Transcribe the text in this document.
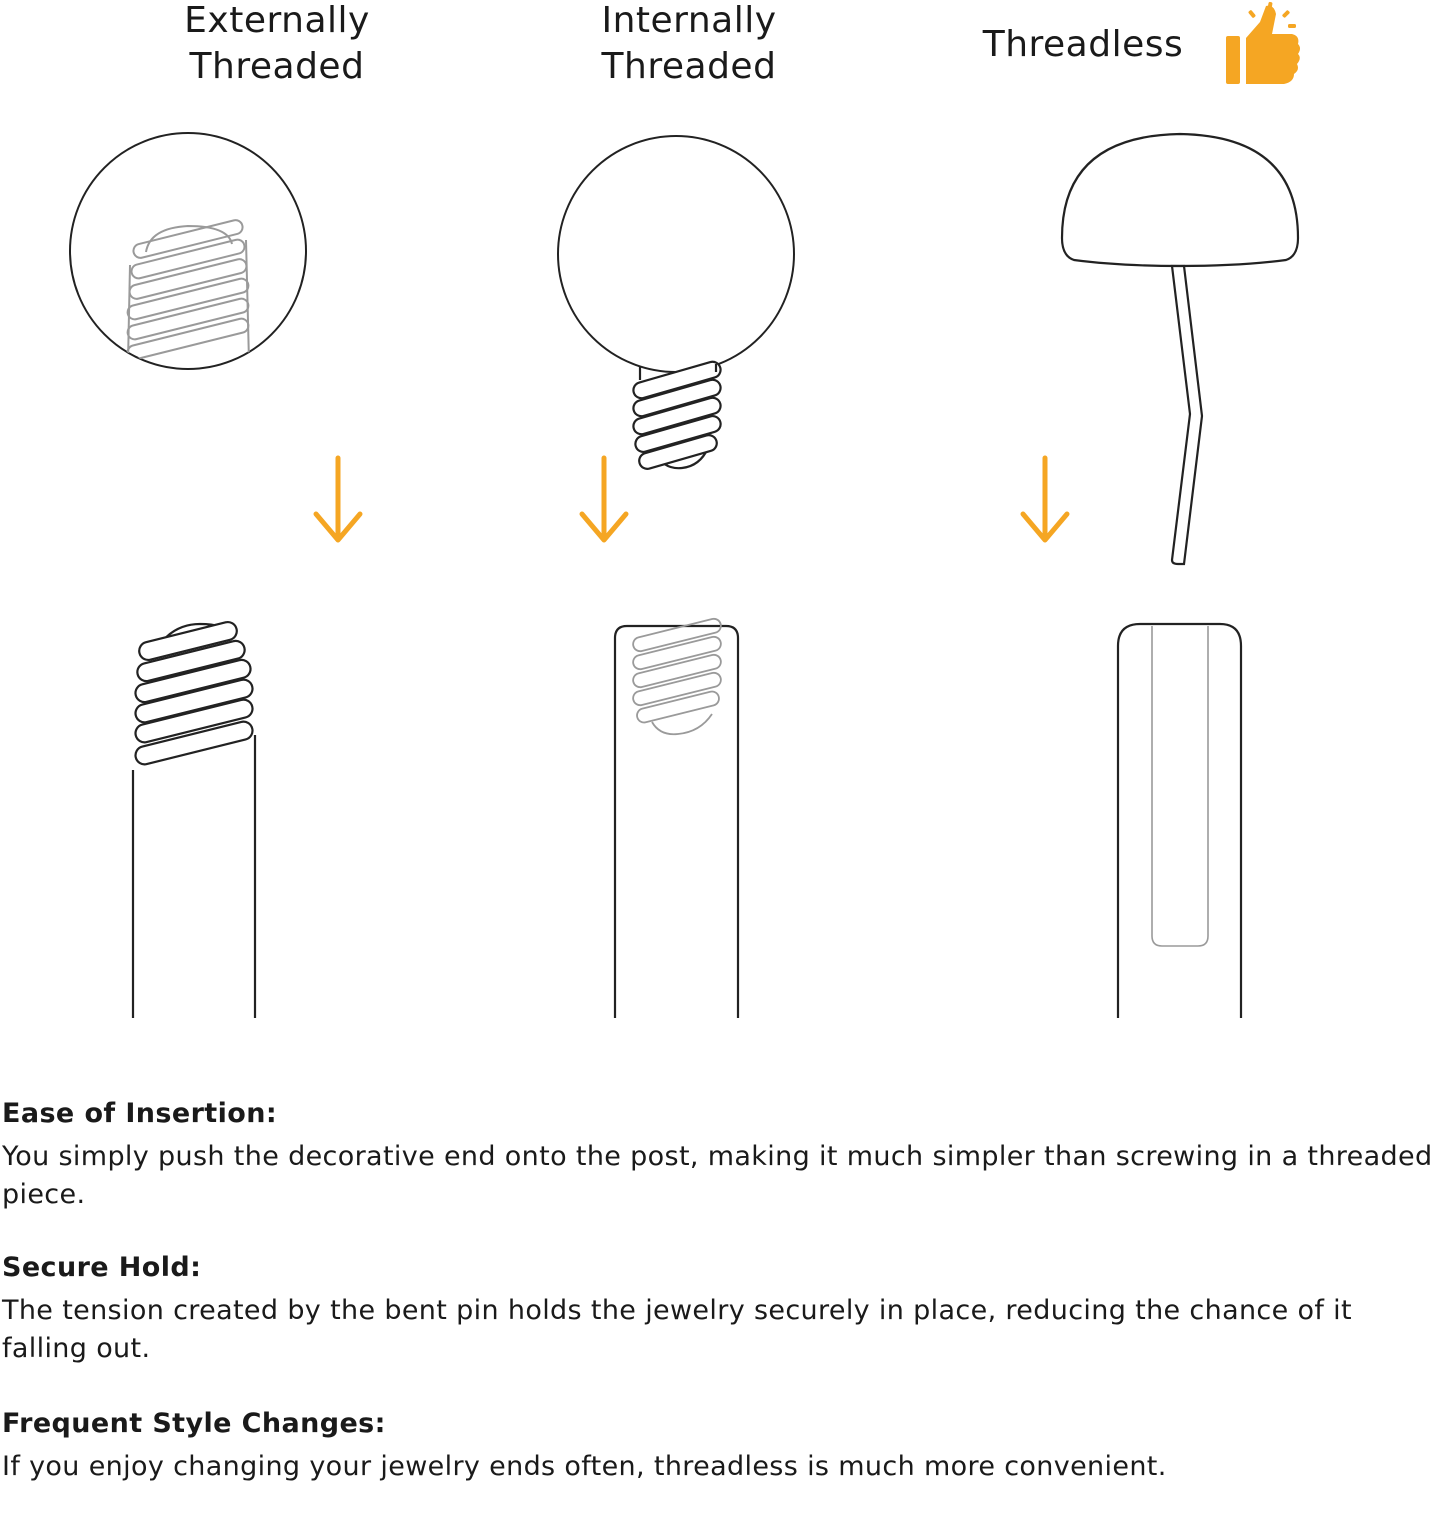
Externally
Threaded
Internally
Threaded
Threadless

Ease of Insertion:

You simply push the decorative end onto the post, making it much simpler than screwing in a threaded piece.

Secure Hold:

The tension created by the bent pin holds the jewelry securely in place, reducing the chance of it falling out.

Frequent Style Changes:

If you enjoy changing your jewelry ends often, threadless is much more convenient.
